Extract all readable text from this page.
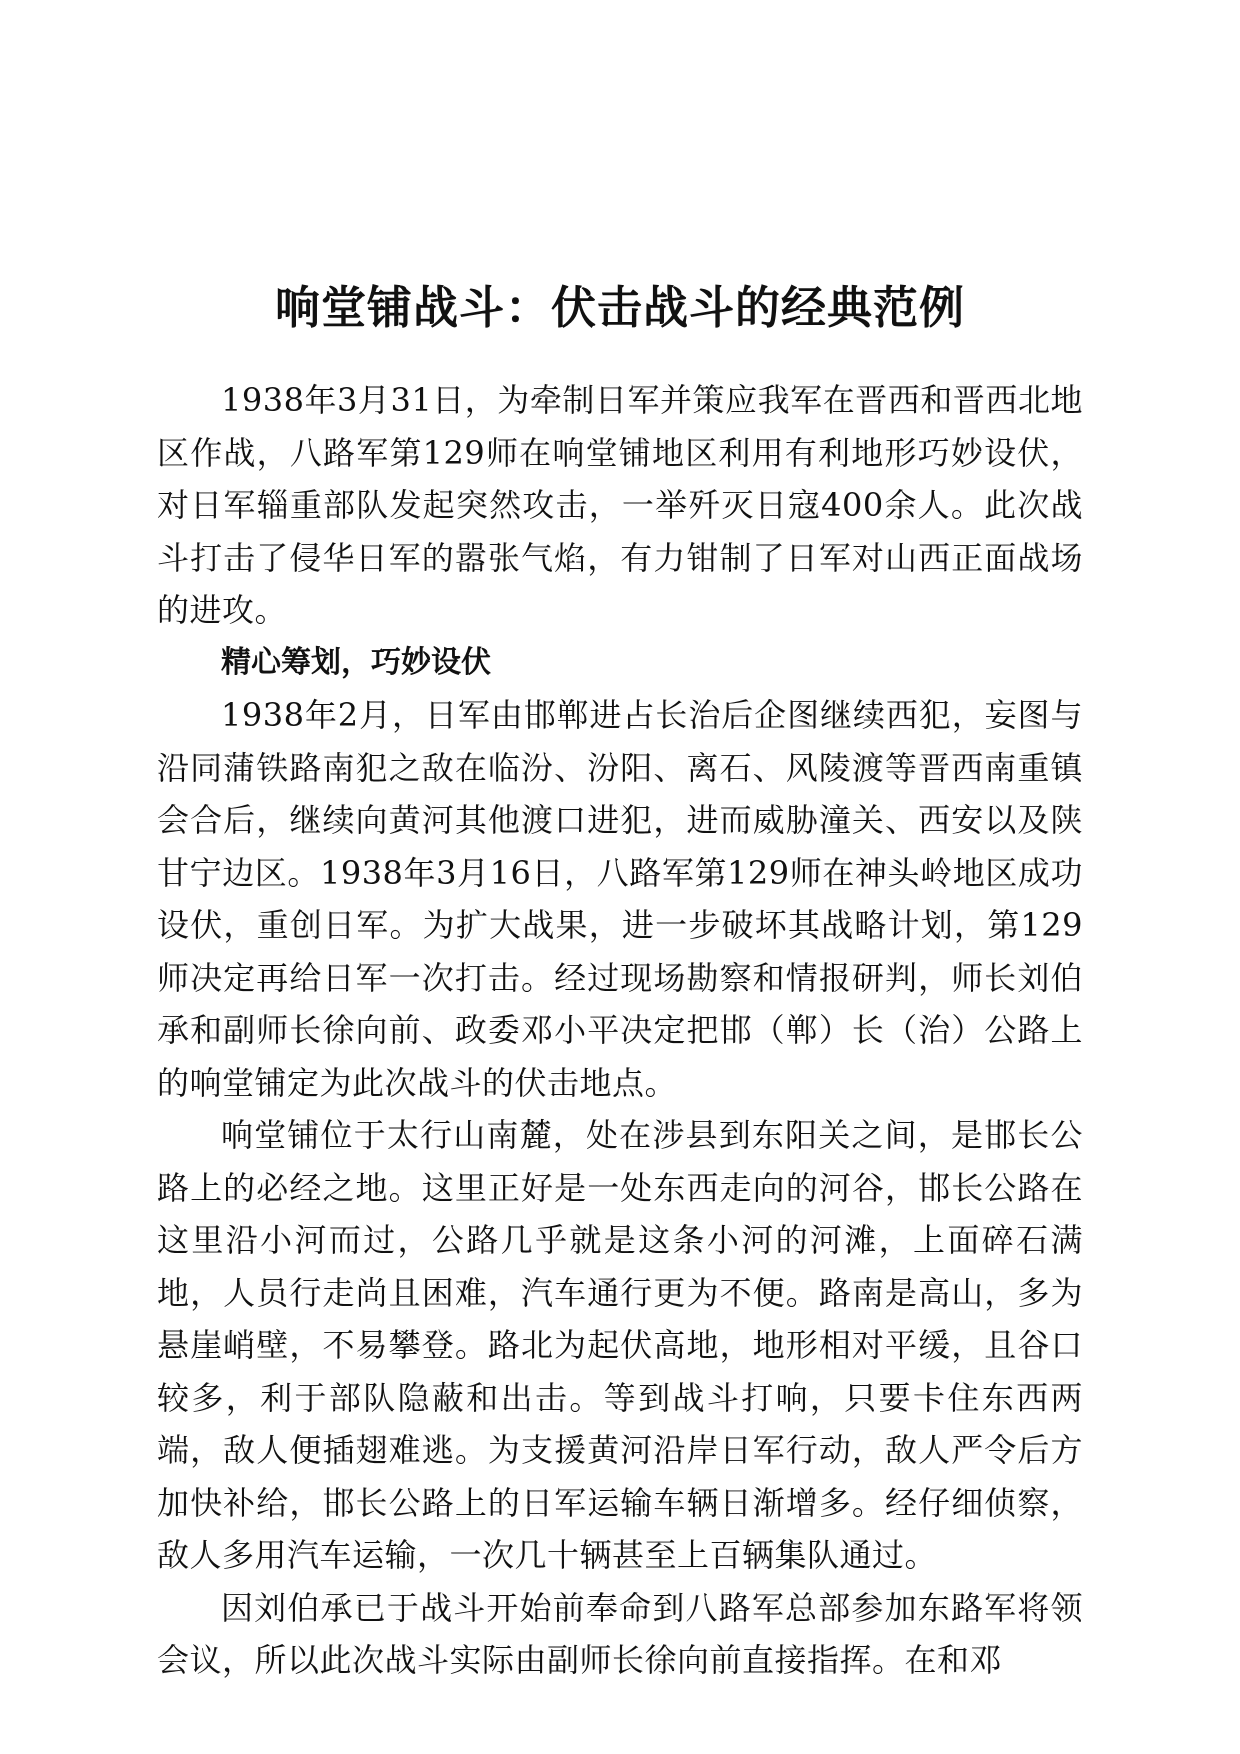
响堂铺战斗：伏击战斗的经典范例

1938年3月31日，为牵制日军并策应我军在晋西和晋西北地区作战，八路军第129师在响堂铺地区利用有利地形巧妙设伏，对日军辎重部队发起突然攻击，一举歼灭日寇400余人。此次战斗打击了侵华日军的嚣张气焰，有力钳制了日军对山西正面战场的进攻。

精心筹划，巧妙设伏

1938年2月，日军由邯郸进占长治后企图继续西犯，妄图与沿同蒲铁路南犯之敌在临汾、汾阳、离石、风陵渡等晋西南重镇会合后，继续向黄河其他渡口进犯，进而威胁潼关、西安以及陕甘宁边区。1938年3月16日，八路军第129师在神头岭地区成功设伏，重创日军。为扩大战果，进一步破坏其战略计划，第129师决定再给日军一次打击。经过现场勘察和情报研判，师长刘伯承和副师长徐向前、政委邓小平决定把邯（郸）长（治）公路上的响堂铺定为此次战斗的伏击地点。

响堂铺位于太行山南麓，处在涉县到东阳关之间，是邯长公路上的必经之地。这里正好是一处东西走向的河谷，邯长公路在这里沿小河而过，公路几乎就是这条小河的河滩，上面碎石满地，人员行走尚且困难，汽车通行更为不便。路南是高山，多为悬崖峭壁，不易攀登。路北为起伏高地，地形相对平缓，且谷口较多，利于部队隐蔽和出击。等到战斗打响，只要卡住东西两端，敌人便插翅难逃。为支援黄河沿岸日军行动，敌人严令后方加快补给，邯长公路上的日军运输车辆日渐增多。经仔细侦察，敌人多用汽车运输，一次几十辆甚至上百辆集队通过。

因刘伯承已于战斗开始前奉命到八路军总部参加东路军将领会议，所以此次战斗实际由副师长徐向前直接指挥。在和邓
